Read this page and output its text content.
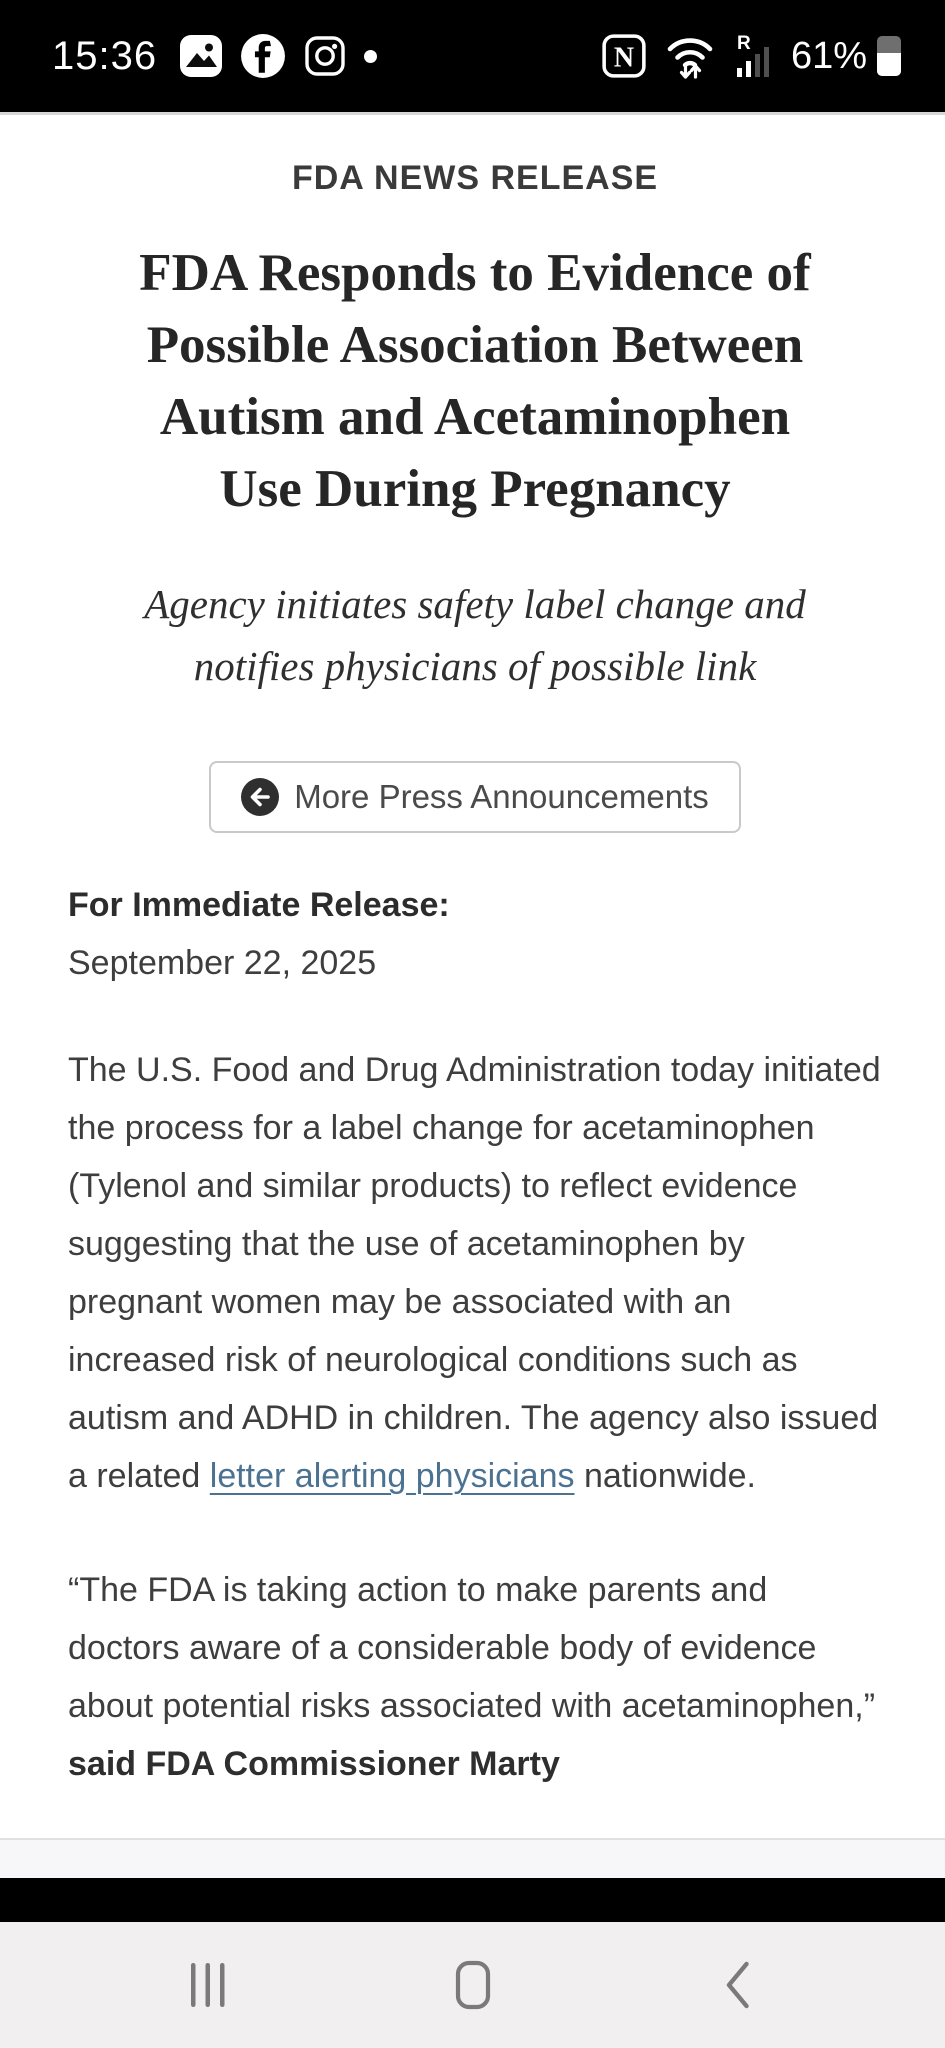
15:36	N	R 61%
FDA NEWS RELEASE
FDA Responds to Evidence of
Possible Association Between
Autism and Acetaminophen
Use During Pregnancy
Agency initiates safety label change and
notifies physicians of possible link
More Press Announcements
For Immediate Release:
September 22, 2025

The U.S. Food and Drug Administration today initiated the process for a label change for acetaminophen (Tylenol and similar products) to reflect evidence suggesting that the use of acetaminophen by pregnant women may be associated with an increased risk of neurological conditions such as autism and ADHD in children. The agency also issued a related letter alerting physicians nationwide.

“The FDA is taking action to make parents and doctors aware of a considerable body of evidence about potential risks associated with acetaminophen,” said FDA Commissioner Marty
